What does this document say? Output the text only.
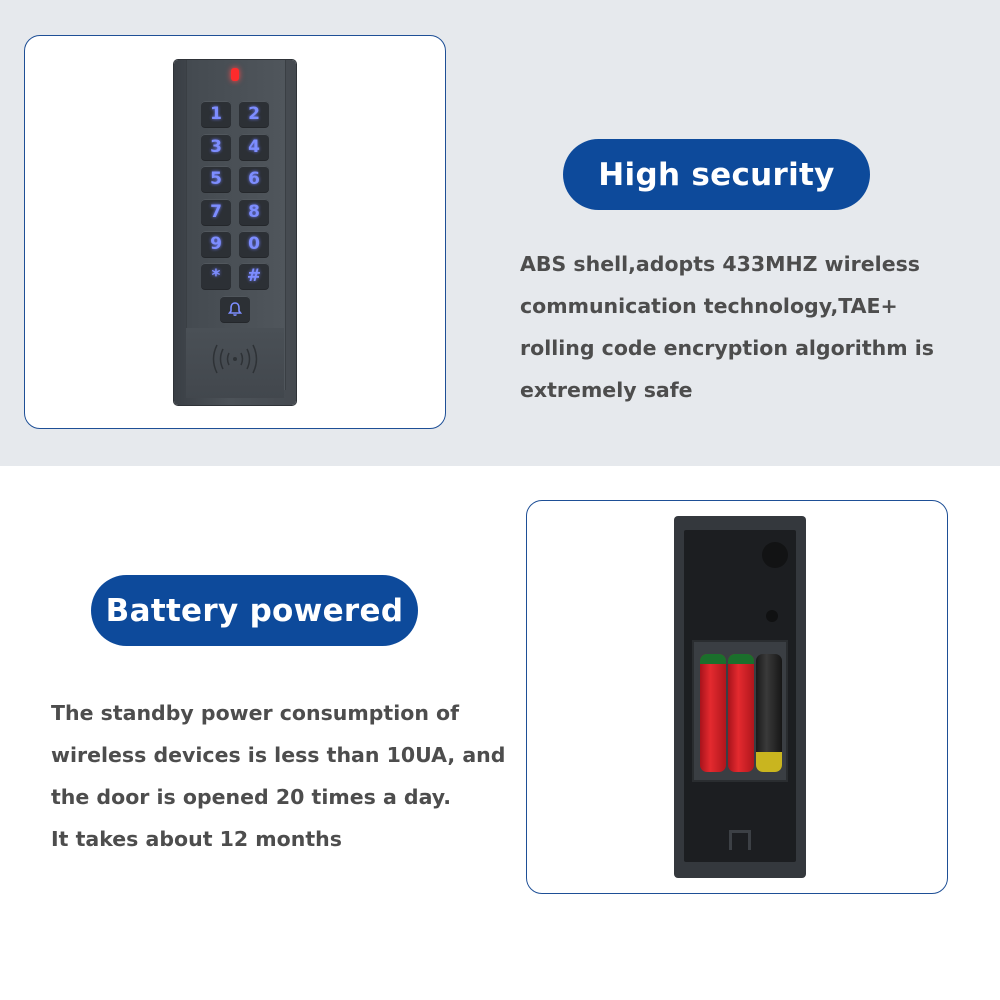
1	2
3	4
5	6
7	8
9	0
*	#
High security
ABS shell,adopts 433MHZ wireless
communication technology,TAE+
rolling code encryption algorithm is
extremely safe
Battery powered
The standby power consumption of
wireless devices is less than 10UA, and
the door is opened 20 times a day.
It takes about 12 months
